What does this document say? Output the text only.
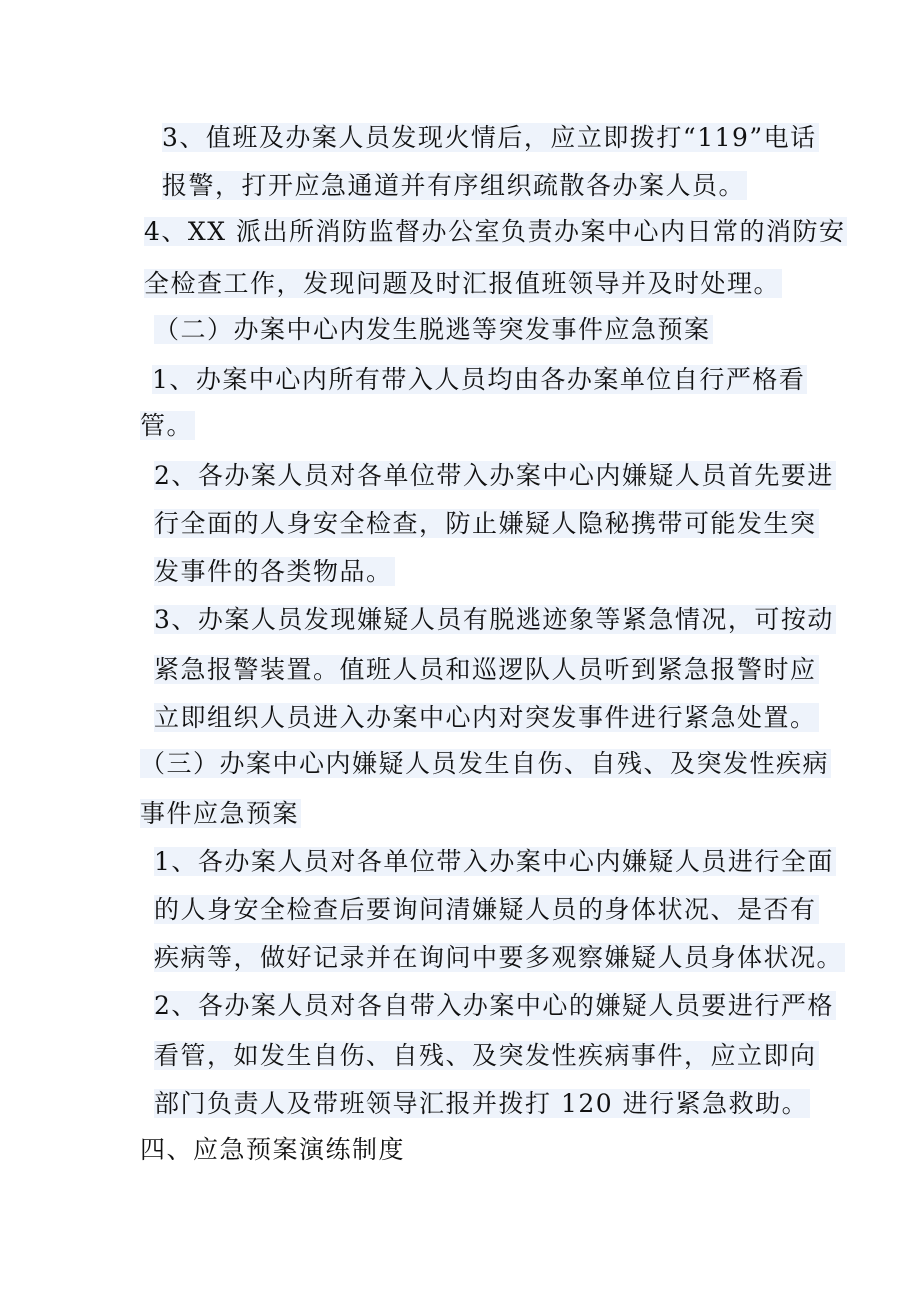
3、值班及办案人员发现火情后，应立即拨打“119”电话
报警，打开应急通道并有序组织疏散各办案人员。
4、XX 派出所消防监督办公室负责办案中心内日常的消防安
全检查工作，发现问题及时汇报值班领导并及时处理。
（二）办案中心内发生脱逃等突发事件应急预案
1、办案中心内所有带入人员均由各办案单位自行严格看
管。
2、各办案人员对各单位带入办案中心内嫌疑人员首先要进
行全面的人身安全检查，防止嫌疑人隐秘携带可能发生突
发事件的各类物品。
3、办案人员发现嫌疑人员有脱逃迹象等紧急情况，可按动
紧急报警装置。值班人员和巡逻队人员听到紧急报警时应
立即组织人员进入办案中心内对突发事件进行紧急处置。
（三）办案中心内嫌疑人员发生自伤、自残、及突发性疾病
事件应急预案
1、各办案人员对各单位带入办案中心内嫌疑人员进行全面
的人身安全检查后要询问清嫌疑人员的身体状况、是否有
疾病等，做好记录并在询问中要多观察嫌疑人员身体状况。
2、各办案人员对各自带入办案中心的嫌疑人员要进行严格
看管，如发生自伤、自残、及突发性疾病事件，应立即向
部门负责人及带班领导汇报并拨打 120 进行紧急救助。
四、应急预案演练制度
